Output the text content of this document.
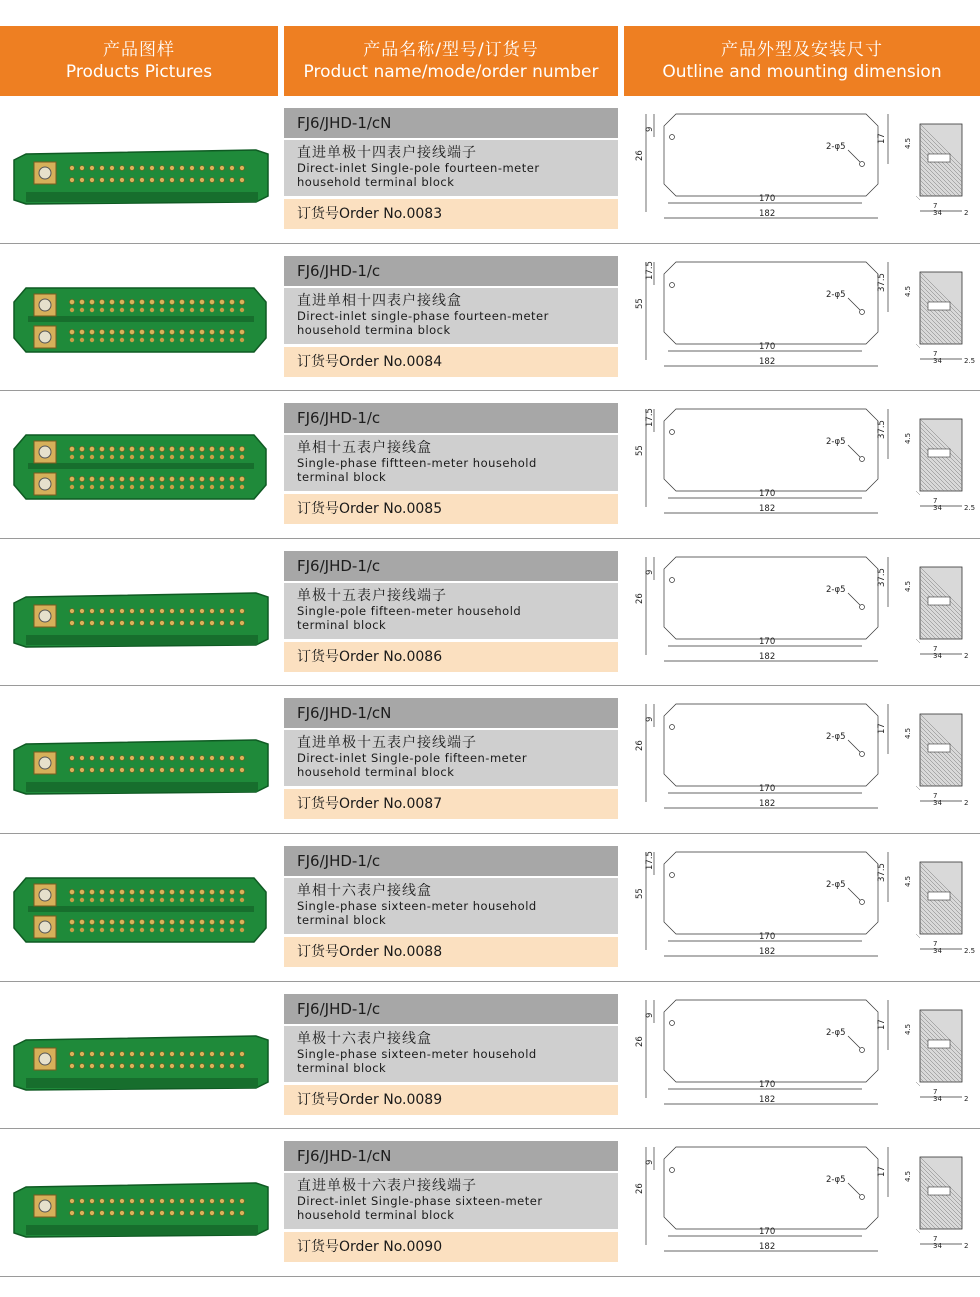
产品图样
Products Pictures
产品名称/型号/订货号
Product name/mode/order number
产品外型及安装尺寸
Outline and mounting dimension
FJ6/JHD-1/cN
直进单极十四表户接线端子
Direct-inlet Single-pole fourteen-meter
household terminal block
订货号Order No.0083
26
9
17
2-φ5
170
182
4.5
7
34	2
FJ6/JHD-1/c
直进单相十四表户接线盒
Direct-inlet single-phase fourteen-meter
household termina block
订货号Order No.0084
55
17.5
37.5
2-φ5
170
182
4.5
7
34	2.5
FJ6/JHD-1/c
单相十五表户接线盒
Single-phase fiftteen-meter household
terminal block
订货号Order No.0085
55
17.5
37.5
2-φ5
170
182
4.5
7
34	2.5
FJ6/JHD-1/c
单极十五表户接线端子
Single-pole fifteen-meter household
terminal block
订货号Order No.0086
26
9	37.5
2-φ5
170
182
4.5
7
34	2
FJ6/JHD-1/cN
直进单极十五表户接线端子
Direct-inlet Single-pole fifteen-meter
household terminal block
订货号Order No.0087
26
9
17
2-φ5
170
182
4.5
7
34	2
FJ6/JHD-1/c
单相十六表户接线盒
Single-phase sixteen-meter household
terminal block
订货号Order No.0088
55
17.5
37.5
2-φ5
170
182
4.5
7
34	2.5
FJ6/JHD-1/c
单极十六表户接线盒
Single-phase sixteen-meter household
terminal block
订货号Order No.0089
26
9
17
2-φ5
170
182
4.5
7
34	2
FJ6/JHD-1/cN
直进单极十六表户接线端子
Direct-inlet Single-phase sixteen-meter
household terminal block
订货号Order No.0090
26
9
17
2-φ5
170
182
4.5
7
34	2
